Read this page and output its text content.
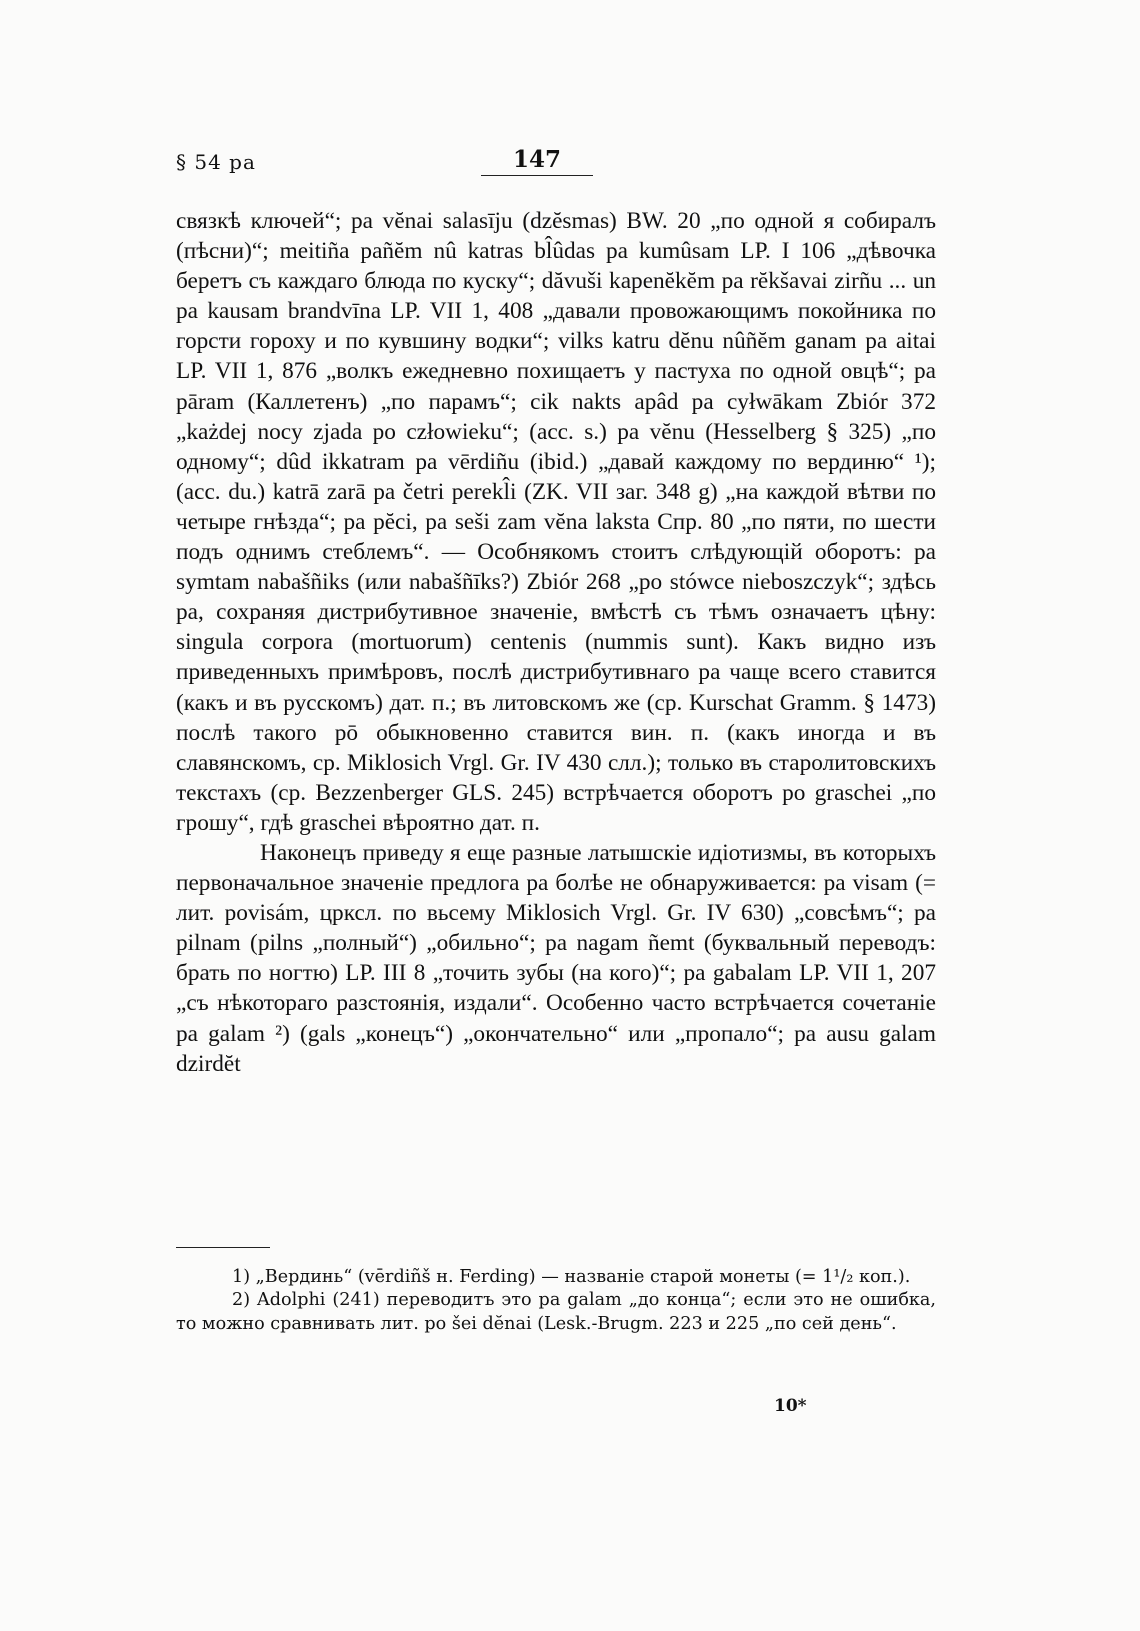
§ 54 pa	147

связкѣ ключей“; pa vĕnai salasīju (dzĕsmas) BW. 20 „по одной я собиралъ (пѣсни)“; meitiña pañĕm nû katras bl̂ûdas pa kumûsam LP. I 106 „дѣвочка беретъ съ каждаго блюда по куску“; dăvuši kapenĕkĕm pa rĕkšavai zirñu ... un pa kausam brandvīna LP. VII 1, 408 „давали провожающимъ покойника по горсти гороху и по кувшину водки“; vilks katru dĕnu nûñĕm ganam pa aitai LP. VII 1, 876 „волкъ ежедневно похищаетъ у пастуха по одной овцѣ“; pa pāram (Каллетенъ) „по парамъ“; cik nakts apâd pa cyłwākam Zbiór 372 „każdej nocy zjada po człowieku“; (acc. s.) pa vĕnu (Hesselberg § 325) „по одному“; dûd ikkatram pa vērdiñu (ibid.) „давай каждому по вердиню“ ¹); (acc. du.) katrā zarā pa četri perekl̂i (ZK. VII заг. 348 g) „на каждой вѣтви по четыре гнѣзда“; pa pĕci, pa seši zam vĕna laksta Спр. 80 „по пяти, по шести подъ однимъ стеблемъ“. — Особнякомъ стоитъ слѣдующій оборотъ: pa symtam nabašñiks (или nabašñīks?) Zbiór 268 „po stówce nieboszczyk“; здѣсь pa, сохраняя дистрибутивное значеніе, вмѣстѣ съ тѣмъ означаетъ цѣну: singula corpora (mortuorum) centenis (nummis sunt). Какъ видно изъ приведенныхъ примѣровъ, послѣ дистрибутивнаго pa чаще всего ставится (какъ и въ русскомъ) дат. п.; въ литовскомъ же (ср. Kurschat Gramm. § 1473) послѣ такого pō обыкновенно ставится вин. п. (какъ иногда и въ славянскомъ, ср. Miklosich Vrgl. Gr. IV 430 слл.); только въ старолитовскихъ текстахъ (ср. Bezzenberger GLS. 245) встрѣчается оборотъ po graschei „по грошу“, гдѣ graschei вѣроятно дат. п.

Наконецъ приведу я еще разные латышскіе идіотизмы, въ которыхъ первоначальное значеніе предлога pa болѣе не обнаруживается: pa visam (= лит. povisám, црксл. по вьсему Miklosich Vrgl. Gr. IV 630) „совсѣмъ“; pa pilnam (pilns „полный“) „обильно“; pa nagam ñemt (буквальный переводъ: брать по ногтю) LP. III 8 „точить зубы (на кого)“; pa gabalam LP. VII 1, 207 „съ нѣкотораго разстоянія, издали“. Особенно часто встрѣчается сочетаніе pa galam ²) (gals „конецъ“) „окончательно“ или „пропало“; pa ausu galam dzirdĕt

1) „Вердинь“ (vērdiñš н. Ferding) — названіе старой монеты (= 1¹/₂ коп.).

2) Adolphi (241) переводитъ это pa galam „до конца“; если это не ошибка, то можно сравнивать лит. po šei dĕnai (Lesk.-Brugm. 223 и 225 „по сей день“.

10*
